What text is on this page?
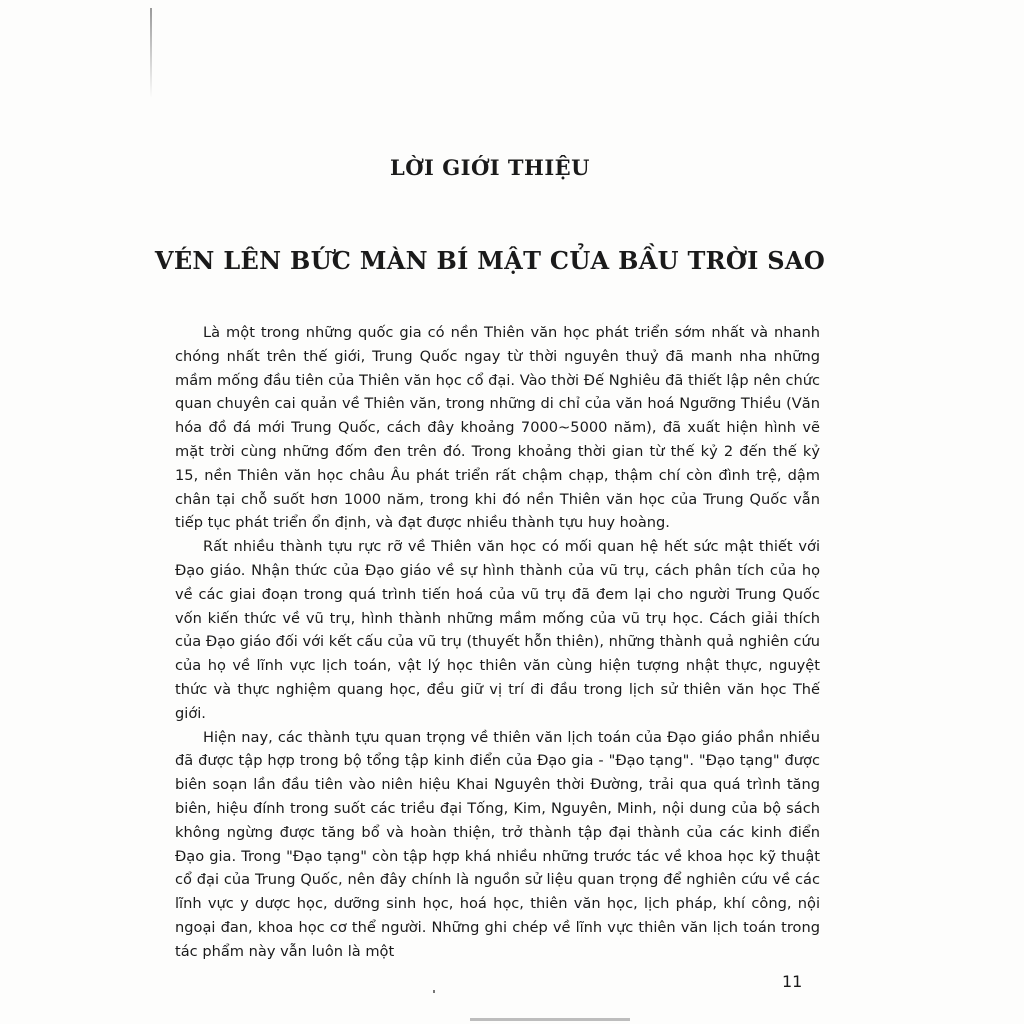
LỜI GIỚI THIỆU
VÉN LÊN BỨC MÀN BÍ MẬT CỦA BẦU TRỜI SAO

Là một trong những quốc gia có nền Thiên văn học phát triển sớm nhất và nhanh chóng nhất trên thế giới, Trung Quốc ngay từ thời nguyên thuỷ đã manh nha những mầm mống đầu tiên của Thiên văn học cổ đại. Vào thời Đế Nghiêu đã thiết lập nên chức quan chuyên cai quản về Thiên văn, trong những di chỉ của văn hoá Ngưỡng Thiều (Văn hóa đồ đá mới Trung Quốc, cách đây khoảng 7000~5000 năm), đã xuất hiện hình vẽ mặt trời cùng những đốm đen trên đó. Trong khoảng thời gian từ thế kỷ 2 đến thế kỷ 15, nền Thiên văn học châu Âu phát triển rất chậm chạp, thậm chí còn đình trệ, dậm chân tại chỗ suốt hơn 1000 năm, trong khi đó nền Thiên văn học của Trung Quốc vẫn tiếp tục phát triển ổn định, và đạt được nhiều thành tựu huy hoàng.

Rất nhiều thành tựu rực rỡ về Thiên văn học có mối quan hệ hết sức mật thiết với Đạo giáo. Nhận thức của Đạo giáo về sự hình thành của vũ trụ, cách phân tích của họ về các giai đoạn trong quá trình tiến hoá của vũ trụ đã đem lại cho người Trung Quốc vốn kiến thức về vũ trụ, hình thành những mầm mống của vũ trụ học. Cách giải thích của Đạo giáo đối với kết cấu của vũ trụ (thuyết hỗn thiên), những thành quả nghiên cứu của họ về lĩnh vực lịch toán, vật lý học thiên văn cùng hiện tượng nhật thực, nguyệt thức và thực nghiệm quang học, đều giữ vị trí đi đầu trong lịch sử thiên văn học Thế giới.

Hiện nay, các thành tựu quan trọng về thiên văn lịch toán của Đạo giáo phần nhiều đã được tập hợp trong bộ tổng tập kinh điển của Đạo gia - "Đạo tạng". "Đạo tạng" được biên soạn lần đầu tiên vào niên hiệu Khai Nguyên thời Đường, trải qua quá trình tăng biên, hiệu đính trong suốt các triều đại Tống, Kim, Nguyên, Minh, nội dung của bộ sách không ngừng được tăng bổ và hoàn thiện, trở thành tập đại thành của các kinh điển Đạo gia. Trong "Đạo tạng" còn tập hợp khá nhiều những trước tác về khoa học kỹ thuật cổ đại của Trung Quốc, nên đây chính là nguồn sử liệu quan trọng để nghiên cứu về các lĩnh vực y dược học, dưỡng sinh học, hoá học, thiên văn học, lịch pháp, khí công, nội ngoại đan, khoa học cơ thể người. Những ghi chép về lĩnh vực thiên văn lịch toán trong tác phẩm này vẫn luôn là một

11
